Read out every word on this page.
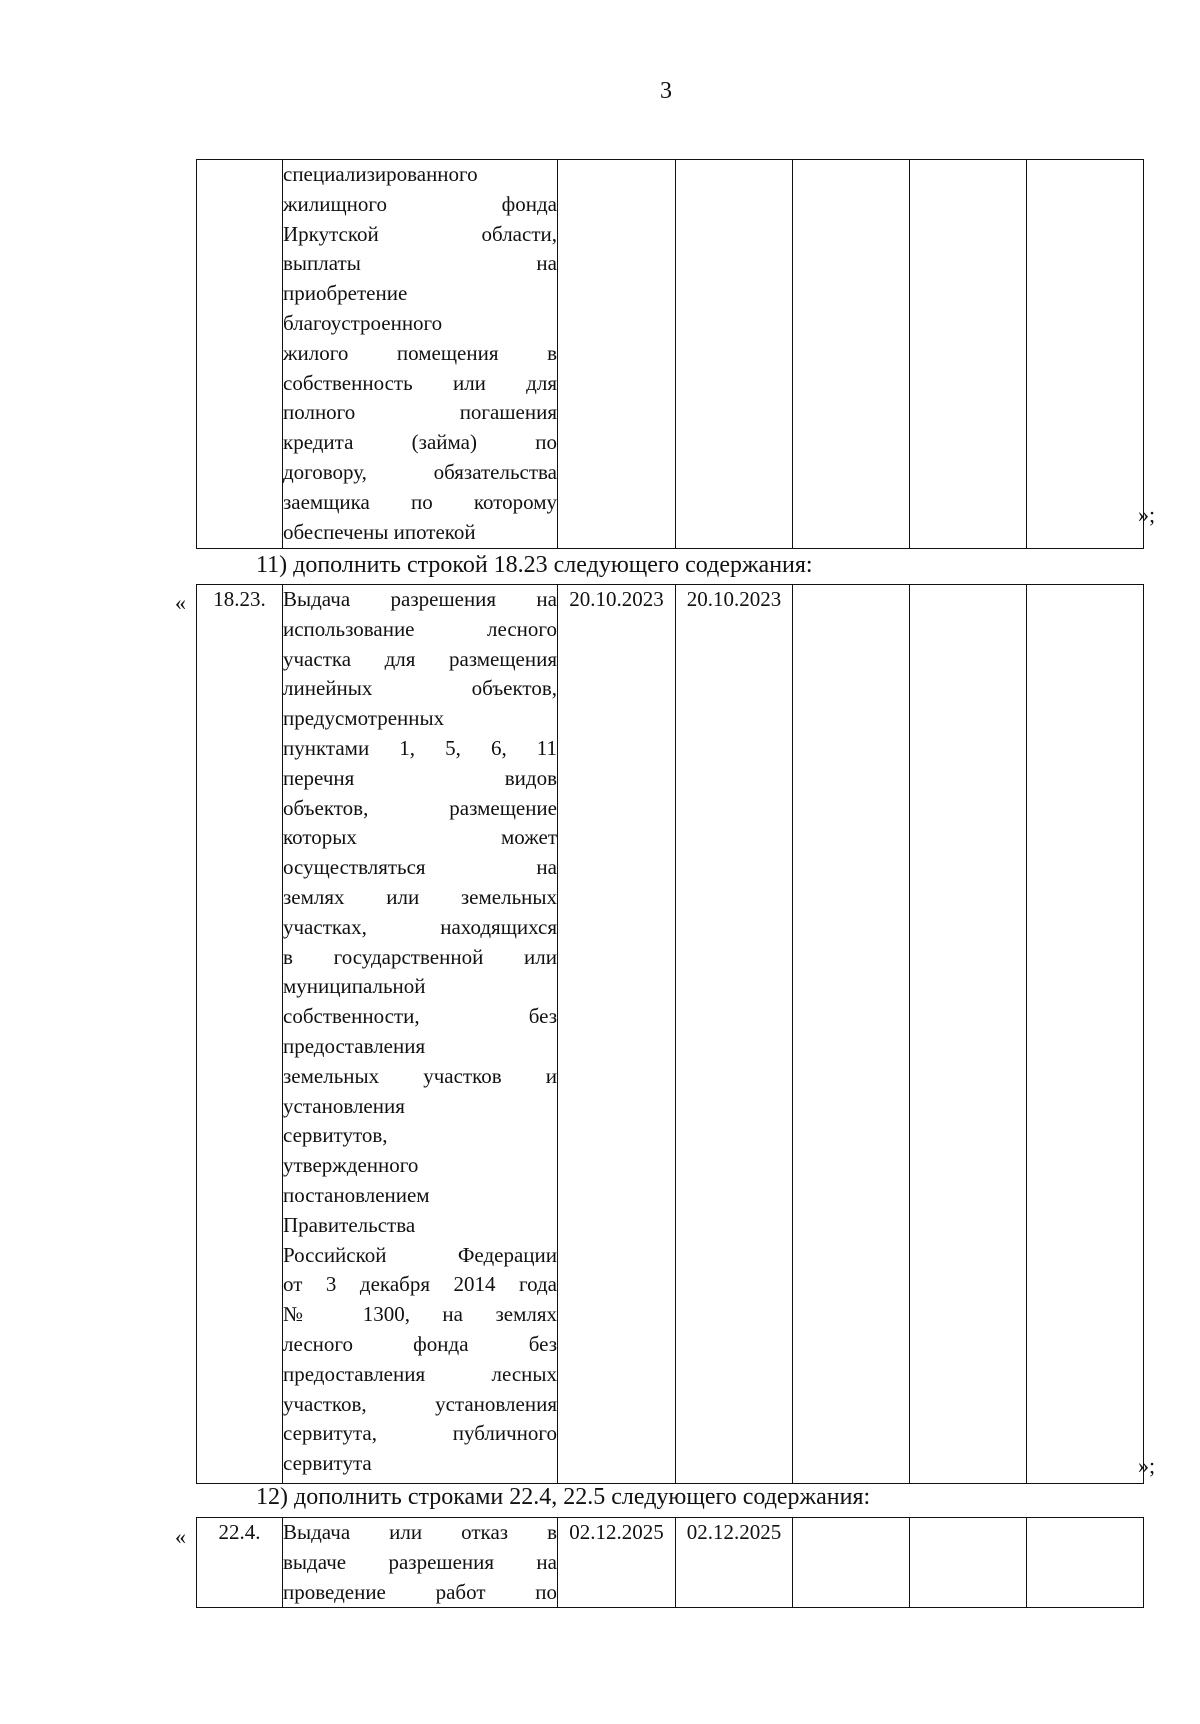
3

специализированного
жилищного фонда
Иркутской области,
выплаты на
приобретение
благоустроенного
жилого помещения в
собственность или для
полного погашения
кредита (займа) по
договору, обязательства
заемщика по которому
обеспечены ипотекой

»;
11) дополнить строкой 18.23 следующего содержания:
« 18.23.	Выдача разрешения на
использование лесного
участка для размещения
линейных объектов,
предусмотренных
пунктами 1, 5, 6, 11
перечня видов
объектов, размещение
которых может
осуществляться на
землях или земельных
участках, находящихся
в государственной или
муниципальной
собственности, без
предоставления
земельных участков и
установления
сервитутов,
утвержденного
постановлением
Правительства
Российской Федерации
от 3 декабря 2014 года
№ 1300, на землях
лесного фонда без
предоставления лесных
участков, установления
сервитута, публичного
сервитута
	20.10.2023	20.10.2023			
»;
12) дополнить строками 22.4, 22.5 следующего содержания:
« 22.4.	Выдача или отказ в
выдаче разрешения на
проведение работ по
	02.12.2025	02.12.2025			
